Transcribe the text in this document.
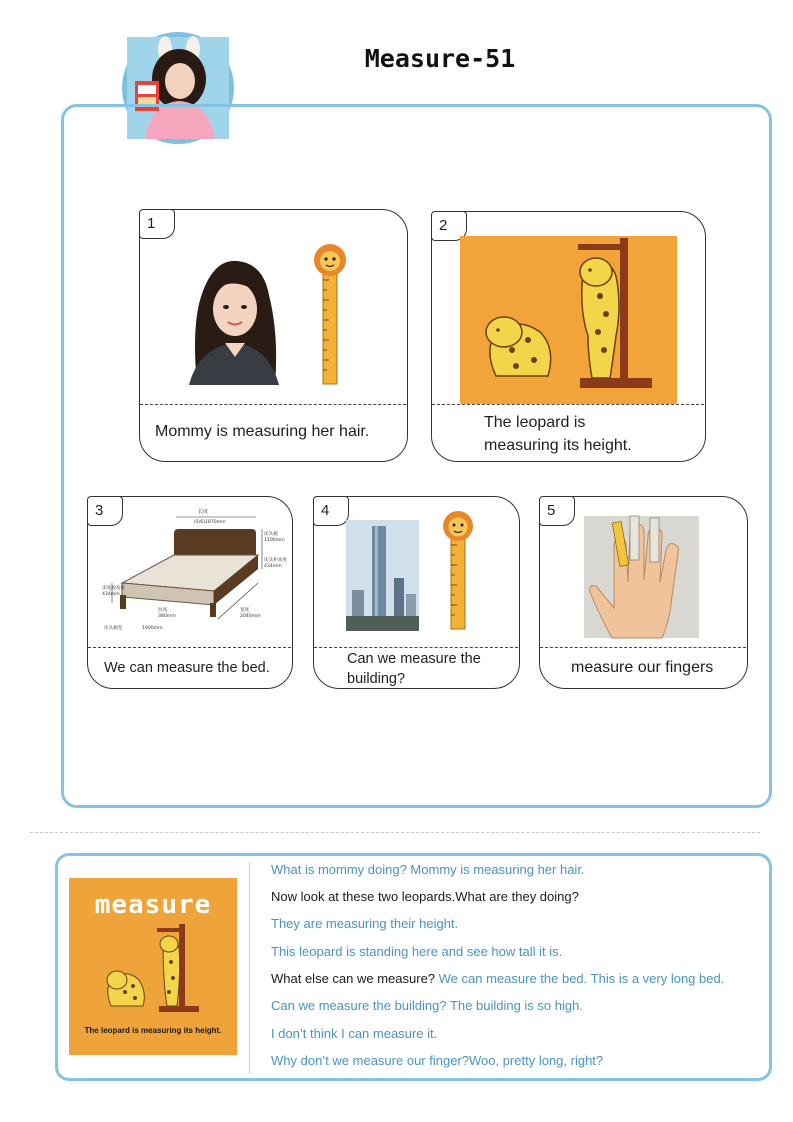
Measure-51
1
Mommy is measuring her hair.
2
The leopard is measuring its height.
3	长度
(5/6)1870mm
床头板
1100mm
床头柜高度
434mm
床尾板高度
434mm
拉高
380mm
宽度
2040mm
床头板宽	1900mm
We can measure the bed.
4
Can we measure the building?
5
measure our fingers
measure
The leopard is measuring its height.
What is mommy doing? Mommy is measuring her hair.
Now look at these two leopards.What are they doing?
They are measuring their height.
This leopard is standing here and see how tall it is.
What else can we measure? We can measure the bed. This is a very long bed.
Can we measure the building? The building is so high.
I don’t think I can measure it.
Why don’t we measure our finger?Woo, pretty long, right?
